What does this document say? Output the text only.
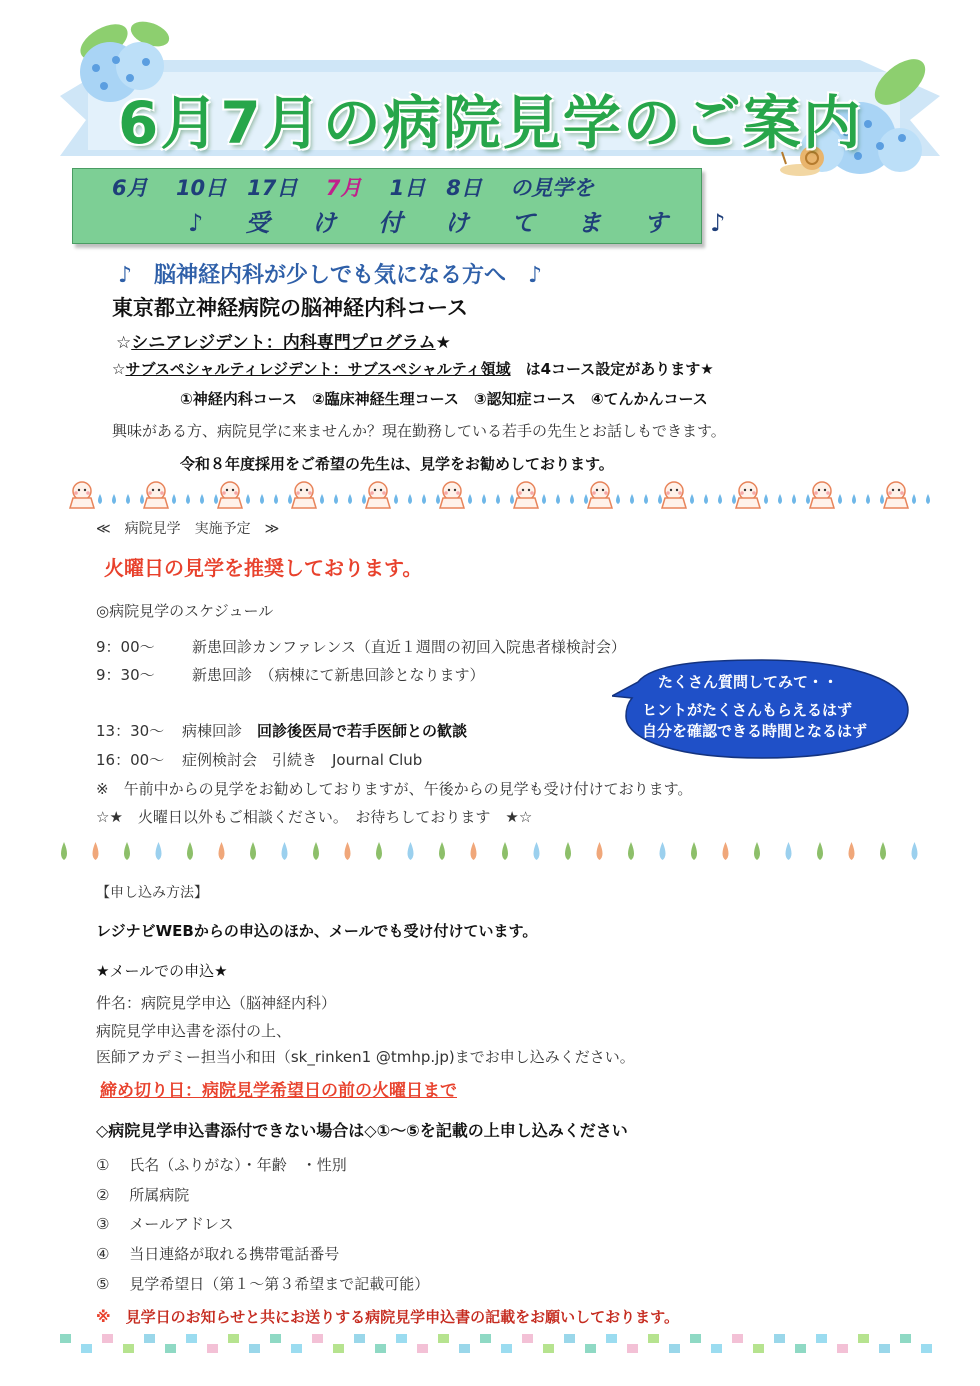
6月7月の病院見学のご案内
6月　 10日　17日　 7月　 1日　8日　 の見学を
♪ 受 け 付 け て ま す ♪
♪　脳神経内科が少しでも気になる方へ　♪
東京都立神経病院の脳神経内科コース
☆シニアレジデント：内科専門プログラム★
☆サブスペシャルティレジデント：サブスペシャルティ領域　は4コース設定があります★
①神経内科コース　②臨床神経生理コース　③認知症コース　④てんかんコース
興味がある方、病院見学に来ませんか？現在勤務している若手の先生とお話しもできます。
令和８年度採用をご希望の先生は、見学をお勧めしております。
≪　病院見学　実施予定　≫
火曜日の見学を推奨しております。
◎病院見学のスケジュール
9：00～ 新患回診カンファレンス（直近１週間の初回入院患者様検討会）
9：30～ 新患回診　（病棟にて新患回診となります）
13：30～ 病棟回診　回診後医局で若手医師との歓談
16：00～ 症例検討会　引続き　Journal Club
たくさん質問してみて・・
ヒントがたくさんもらえるはず
自分を確認できる時間となるはず
※　午前中からの見学をお勧めしておりますが、午後からの見学も受け付けております。
☆★　火曜日以外もご相談ください。　お待ちしております　★☆
【申し込み方法】
レジナビWEBからの申込のほか、メールでも受け付けています。
★メールでの申込★
件名：病院見学申込（脳神経内科）
病院見学申込書を添付の上、
医師アカデミー担当小和田（sk_rinken1 @tmhp.jp)までお申し込みください。
締め切り日：病院見学希望日の前の火曜日まで
◇病院見学申込書添付できない場合は◇①～⑤を記載の上申し込みください
①　 氏名（ふりがな）・年齢　・性別
②　 所属病院
③　 メールアドレス
④　 当日連絡が取れる携帯電話番号
⑤　 見学希望日（第１～第３希望まで記載可能）
※　 見学日のお知らせと共にお送りする病院見学申込書の記載をお願いしております。
